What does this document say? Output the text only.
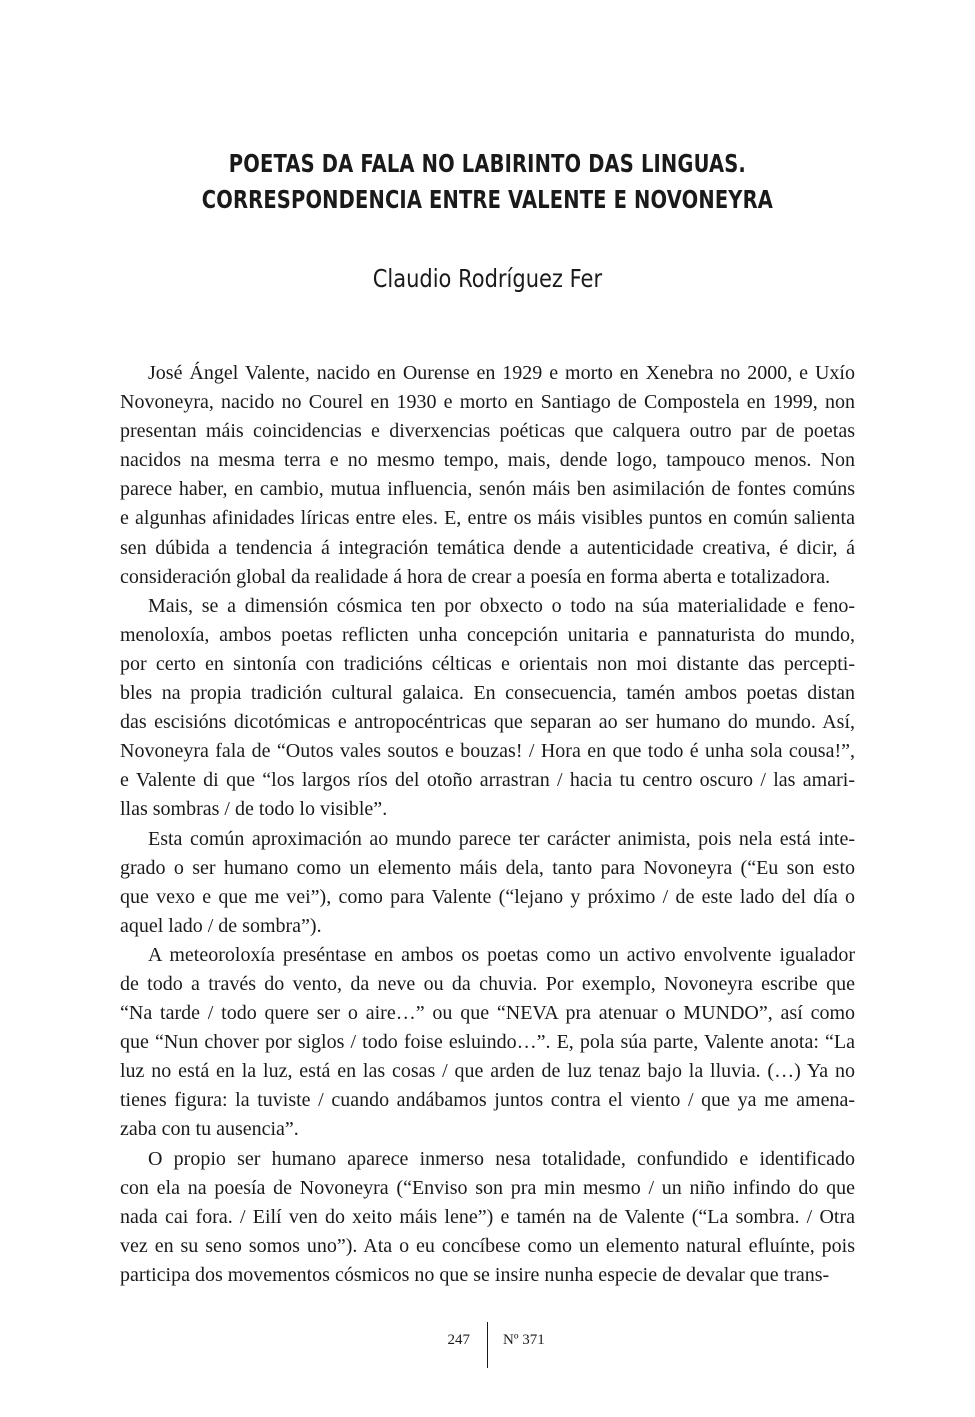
POETAS DA FALA NO LABIRINTO DAS LINGUAS.
CORRESPONDENCIA ENTRE VALENTE E NOVONEYRA
Claudio Rodríguez Fer
José Ángel Valente, nacido en Ourense en 1929 e morto en Xenebra no 2000, e Uxío
Novoneyra, nacido no Courel en 1930 e morto en Santiago de Compostela en 1999, non
presentan máis coincidencias e diverxencias poéticas que calquera outro par de poetas
nacidos na mesma terra e no mesmo tempo, mais, dende logo, tampouco menos. Non
parece haber, en cambio, mutua influencia, senón máis ben asimilación de fontes comúns
e algunhas afinidades líricas entre eles. E, entre os máis visibles puntos en común salienta
sen dúbida a tendencia á integración temática dende a autenticidade creativa, é dicir, á
consideración global da realidade á hora de crear a poesía en forma aberta e totalizadora.
Mais, se a dimensión cósmica ten por obxecto o todo na súa materialidade e feno-
menoloxía, ambos poetas reflicten unha concepción unitaria e pannaturista do mundo,
por certo en sintonía con tradicións célticas e orientais non moi distante das percepti-
bles na propia tradición cultural galaica. En consecuencia, tamén ambos poetas distan
das escisións dicotómicas e antropocéntricas que separan ao ser humano do mundo. Así,
Novoneyra fala de “Outos vales soutos e bouzas! / Hora en que todo é unha sola cousa!”,
e Valente di que “los largos ríos del otoño arrastran / hacia tu centro oscuro / las amari-
llas sombras / de todo lo visible”.
Esta común aproximación ao mundo parece ter carácter animista, pois nela está inte-
grado o ser humano como un elemento máis dela, tanto para Novoneyra (“Eu son esto
que vexo e que me vei”), como para Valente (“lejano y próximo / de este lado del día o
aquel lado / de sombra”).
A meteoroloxía preséntase en ambos os poetas como un activo envolvente igualador
de todo a través do vento, da neve ou da chuvia. Por exemplo, Novoneyra escribe que
“Na tarde / todo quere ser o aire…” ou que “NEVA pra atenuar o MUNDO”, así como
que “Nun chover por siglos / todo foise esluindo…”. E, pola súa parte, Valente anota: “La
luz no está en la luz, está en las cosas / que arden de luz tenaz bajo la lluvia. (…) Ya no
tienes figura: la tuviste / cuando andábamos juntos contra el viento / que ya me amena-
zaba con tu ausencia”.
O propio ser humano aparece inmerso nesa totalidade, confundido e identificado
con ela na poesía de Novoneyra (“Enviso son pra min mesmo / un niño infindo do que
nada cai fora. / Eilí ven do xeito máis lene”) e tamén na de Valente (“La sombra. / Otra
vez en su seno somos uno”). Ata o eu concíbese como un elemento natural efluínte, pois
participa dos movementos cósmicos no que se insire nunha especie de devalar que trans-
247 Nº 371
